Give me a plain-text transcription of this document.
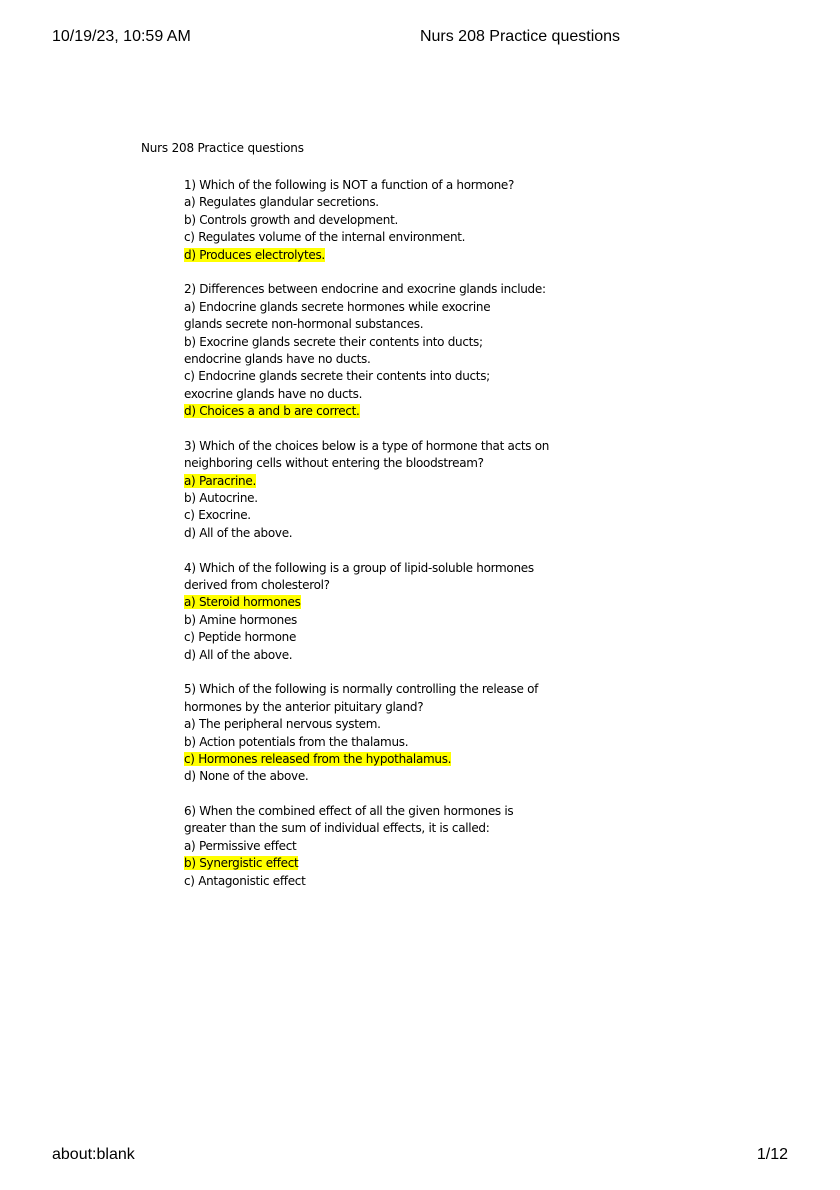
10/19/23, 10:59 AM	Nurs 208 Practice questions
Nurs 208 Practice questions
1) Which of the following is NOT a function of a hormone?
a) Regulates glandular secretions.
b) Controls growth and development.
c) Regulates volume of the internal environment.
d) Produces electrolytes.
2) Differences between endocrine and exocrine glands include:
a) Endocrine glands secrete hormones while exocrine
glands secrete non-hormonal substances.
b) Exocrine glands secrete their contents into ducts;
endocrine glands have no ducts.
c) Endocrine glands secrete their contents into ducts;
exocrine glands have no ducts.
d) Choices a and b are correct.
3) Which of the choices below is a type of hormone that acts on
neighboring cells without entering the bloodstream?
a) Paracrine.
b) Autocrine.
c) Exocrine.
d) All of the above.
4) Which of the following is a group of lipid-soluble hormones
derived from cholesterol?
a) Steroid hormones
b) Amine hormones
c) Peptide hormone
d) All of the above.
5) Which of the following is normally controlling the release of
hormones by the anterior pituitary gland?
a) The peripheral nervous system.
b) Action potentials from the thalamus.
c) Hormones released from the hypothalamus.
d) None of the above.
6) When the combined effect of all the given hormones is
greater than the sum of individual effects, it is called:
a) Permissive effect
b) Synergistic effect
c) Antagonistic effect
about:blank	1/12
